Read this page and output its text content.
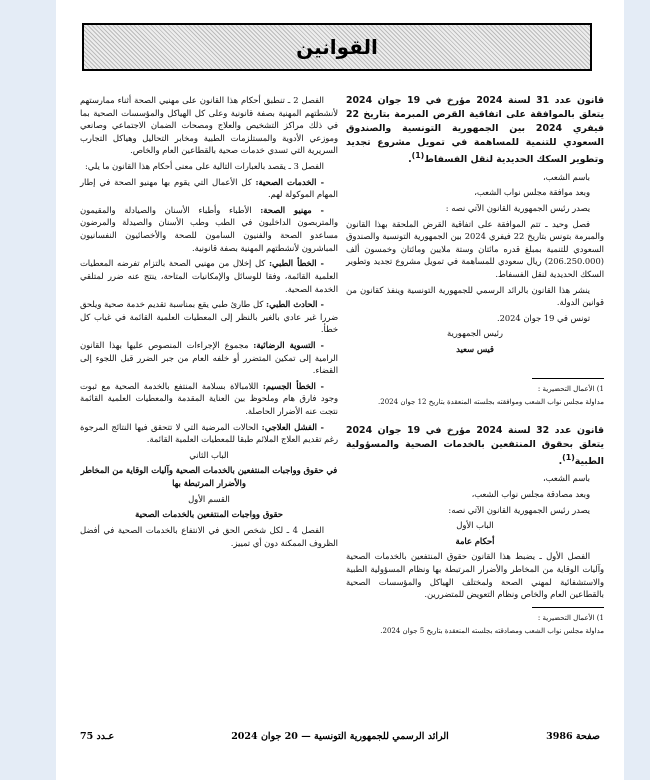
القوانين

قانون عدد 31 لسنة 2024 مؤرخ في 19 جوان 2024 يتعلق بالموافقة على اتفاقية القرض المبرمة بتاريخ 22 فيفري 2024 بين الجمهورية التونسية والصندوق السعودي للتنمية للمساهمة في تمويل مشروع تجديد وتطوير السكك الحديدية لنقل الفسفاط$^{(1)}$.

باسم الشعب،

وبعد موافقة مجلس نواب الشعب،

يصدر رئيس الجمهورية القانون الآتي نصه :

فصل وحيد ـ تتم الموافقة على اتفاقية القرض الملحقة بهذا القانون والمبرمة بتونس بتاريخ 22 فيفري 2024 بين الجمهورية التونسية والصندوق السعودي للتنمية بمبلغ قدره مائتان وستة ملايين ومائتان وخمسون ألف (206.250.000) ريال سعودي للمساهمة في تمويل مشروع تجديد وتطوير السكك الحديدية لنقل الفسفاط.

ينشر هذا القانون بالرائد الرسمي للجمهورية التونسية وينفذ كقانون من قوانين الدولة.

تونس في 19 جوان 2024.

رئيس الجمهورية

قيس سعيد

1) الأعمال التحضيرية :

مداولة مجلس نواب الشعب وموافقته بجلسته المنعقدة بتاريخ 12 جوان 2024.

قانون عدد 32 لسنة 2024 مؤرخ في 19 جوان 2024 يتعلق بحقوق المنتفعين بالخدمات الصحية والمسؤولية الطبية$^{(1)}$.

باسم الشعب،

وبعد مصادقة مجلس نواب الشعب،

يصدر رئيس الجمهورية القانون الآتي نصه:

الباب الأول

أحكام عامة

الفصل الأول ـ يضبط هذا القانون حقوق المنتفعين بالخدمات الصحية وآليات الوقاية من المخاطر والأضرار المرتبطة بها ونظام المسؤولية الطبية والاستشفائية لمهني الصحة ولمختلف الهياكل والمؤسسات الصحية بالقطاعين العام والخاص ونظام التعويض للمتضررين.

1) الأعمال التحضيرية :

مداولة مجلس نواب الشعب ومصادقته بجلسته المنعقدة بتاريخ 5 جوان 2024.

الفصل 2 ـ تنطبق أحكام هذا القانون على مهنيي الصحة أثناء ممارستهم لأنشطتهم المهنية بصفة قانونية وعلى كل الهياكل والمؤسسات الصحية بما في ذلك مراكز التشخيص والعلاج ومصحات الضمان الاجتماعي وصانعي وموزعي الأدوية والمستلزمات الطبية ومخابر التحاليل وهياكل التجارب السريرية التي تسدي خدمات صحية بالقطاعين العام والخاص.

الفصل 3 ـ يقصد بالعبارات التالية على معنى أحكام هذا القانون ما يلي:

- الخدمات الصحية: كل الأعمال التي يقوم بها مهنيو الصحة في إطار المهام الموكولة لهم.

- مهنيو الصحة: الأطباء وأطباء الأسنان والصيادلة والمقيمون والمتربصون الداخليون في الطب وطب الأسنان والصيدلة والمرضون مساعدو الصحة والفنيون السامون للصحة والأخصائيون النفسانيون المباشرون لأنشطتهم المهنية بصفة قانونية.

- الخطأ الطبي: كل إخلال من مهنيي الصحة بالتزام تفرضه المعطيات العلمية القائمة، وفقا للوسائل والإمكانيات المتاحة، ينتج عنه ضرر لمتلقي الخدمة الصحية.

- الحادث الطبي: كل طارئ طبي يقع بمناسبة تقديم خدمة صحية ويلحق ضررا غير عادي بالغير بالنظر إلى المعطيات العلمية القائمة في غياب كل خطأ.

- التسوية الرضائية: مجموع الإجراءات المنصوص عليها بهذا القانون الرامية إلى تمكين المتضرر أو خلفه العام من جبر الضرر قبل اللجوء إلى القضاء.

- الخطأ الجسيم: اللامبالاة بسلامة المنتفع بالخدمة الصحية مع ثبوت وجود فارق هام وملحوظ بين العناية المقدمة والمعطيات العلمية القائمة نتجت عنه الأضرار الحاصلة.

- الفشل العلاجي: الحالات المرضية التي لا تتحقق فيها النتائج المرجوة رغم تقديم العلاج الملائم طبقا للمعطيات العلمية القائمة.

الباب الثاني

في حقوق وواجبات المنتفعين بالخدمات الصحية وآليات الوقاية من المخاطر والأضرار المرتبطة بها

القسم الأول

حقوق وواجبات المنتفعين بالخدمات الصحية

الفصل 4 ـ لكل شخص الحق في الانتفاع بالخدمات الصحية في أفضل الظروف الممكنة دون أي تمييز.

صفحة 3986
الرائد الرسمي للجمهورية التونسية — 20 جوان 2024
عـدد 75
